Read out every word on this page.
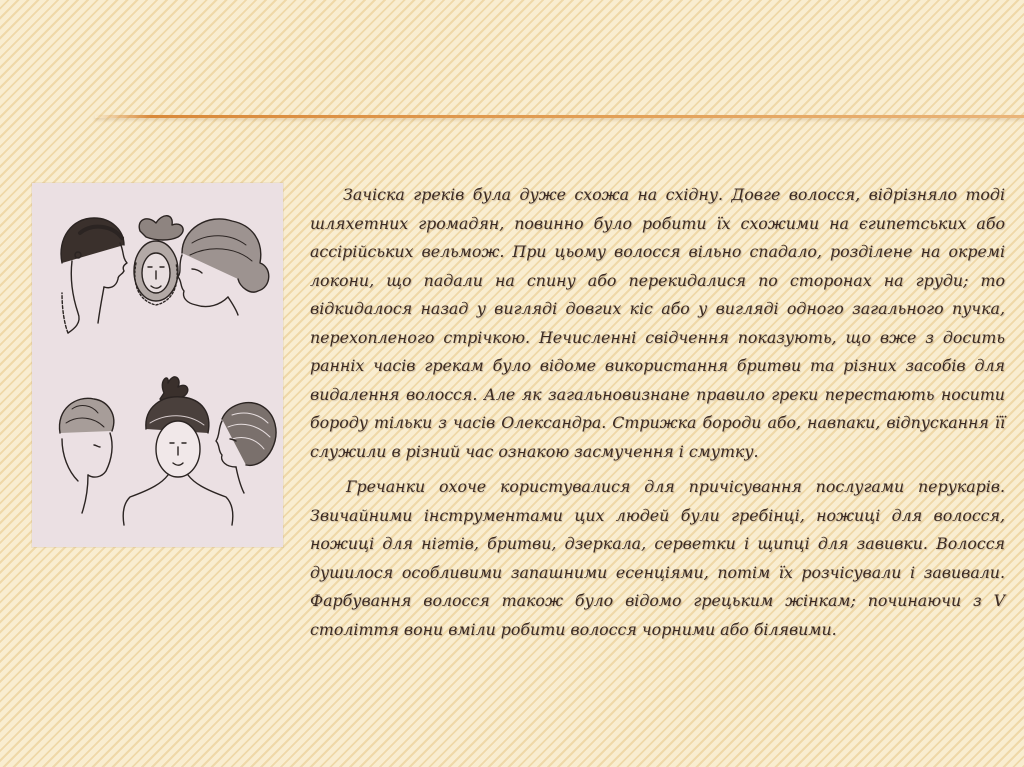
Зачіска греків була дуже схожа на східну. Довге волосся, відрізняло тоді шляхетних громадян, повинно було робити їх схожими на єгипетських або ассірійських вельмож. При цьому волосся вільно спадало, розділене на окремі локони, що падали на спину або перекидалися по сторонах на груди; то відкидалося назад у вигляді довгих кіс або у вигляді одного загального пучка, перехопленого стрічкою. Нечисленні свідчення показують, що вже з досить ранніх часів грекам було відоме використання бритви та різних засобів для видалення волосся. Але як загальновизнане правило греки перестають носити бороду тільки з часів Олександра. Стрижка бороди або, навпаки, відпускання її служили в різний час ознакою засмучення і смутку.

Гречанки охоче користувалися для причісування послугами перукарів. Звичайними інструментами цих людей були гребінці, ножиці для волосся, ножиці для нігтів, бритви, дзеркала, серветки і щипці для завивки. Волосся душилося особливими запашними есенціями, потім їх розчісували і завивали. Фарбування волосся також було відомо грецьким жінкам; починаючи з V століття вони вміли робити волосся чорними або білявими.
